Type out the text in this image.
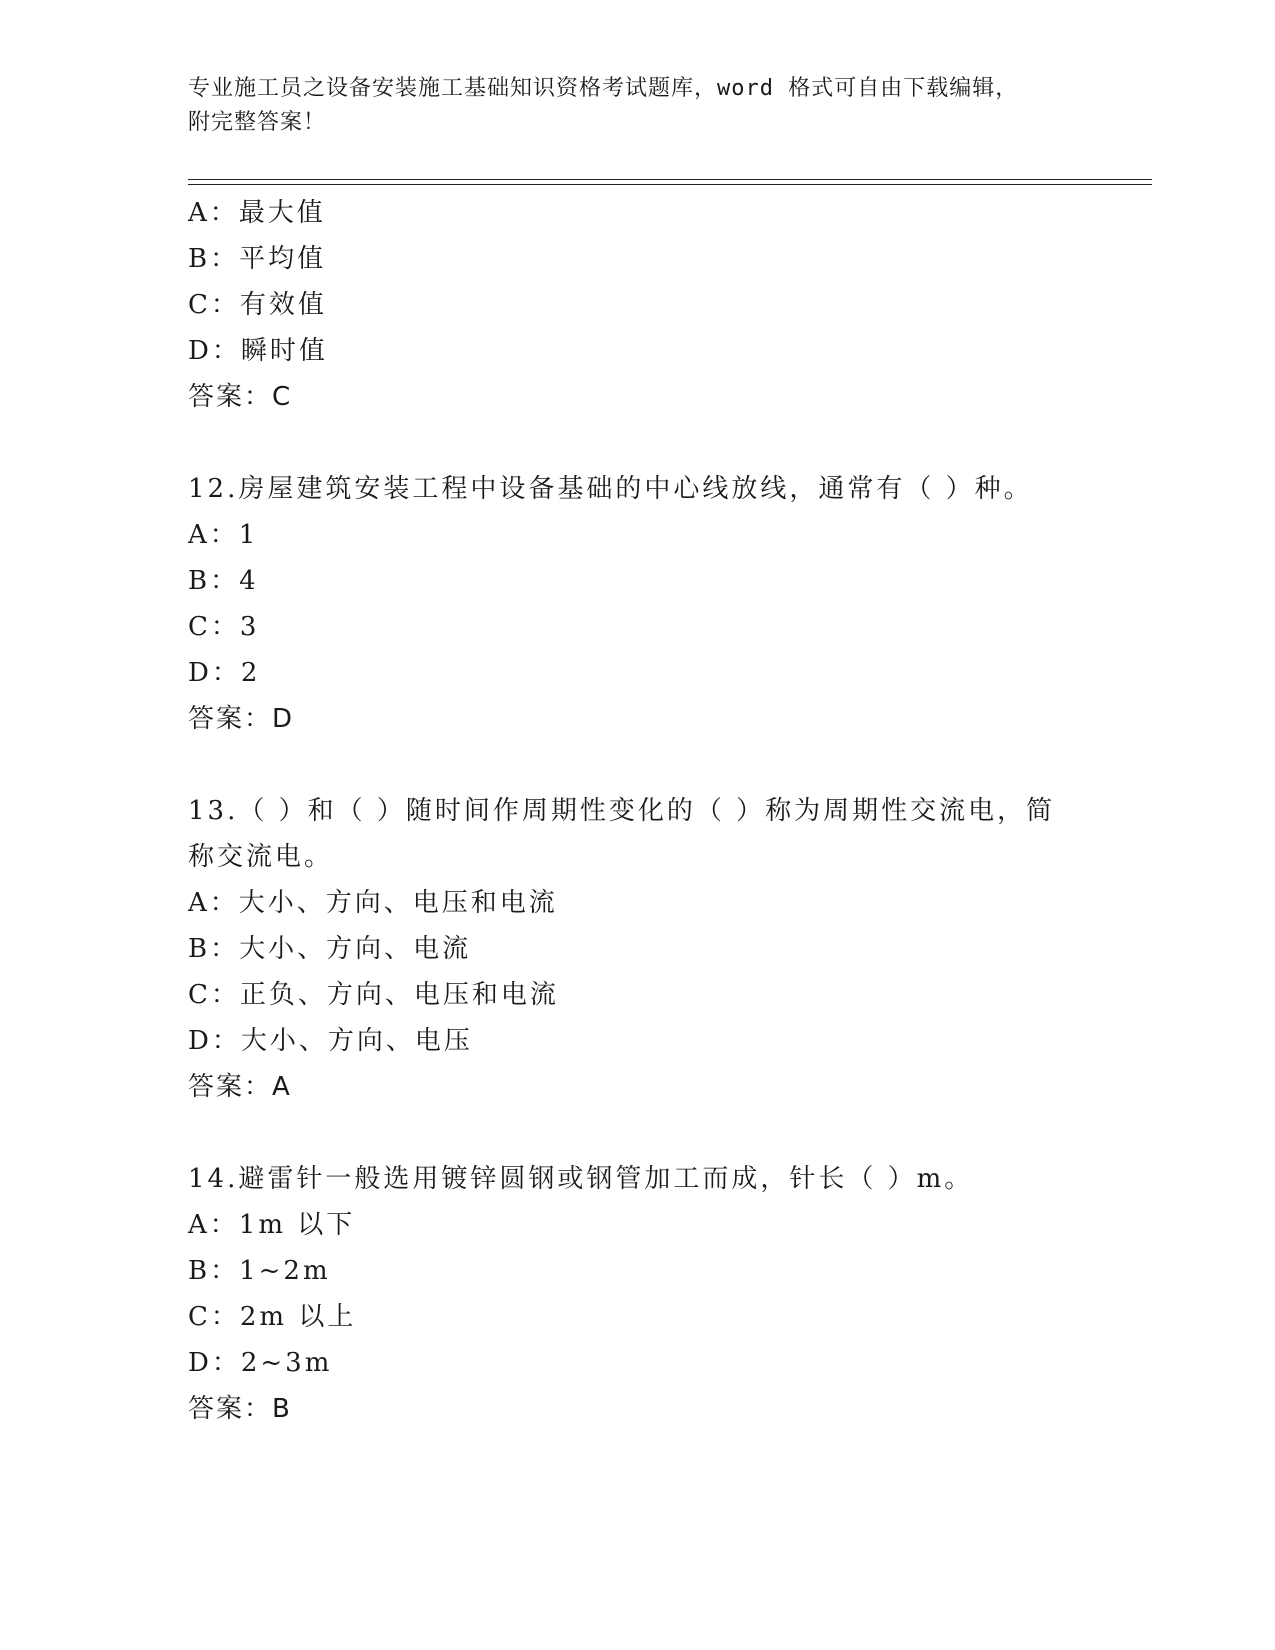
专业施工员之设备安装施工基础知识资格考试题库，word 格式可自由下载编辑，
附完整答案！
A：最大值
B：平均值
C：有效值
D：瞬时值
答案：C
12.房屋建筑安装工程中设备基础的中心线放线，通常有（ ）种。
A：1
B：4
C：3
D：2
答案：D
13.（ ）和（ ）随时间作周期性变化的（ ）称为周期性交流电，简
称交流电。
A：大小、方向、电压和电流
B：大小、方向、电流
C：正负、方向、电压和电流
D：大小、方向、电压
答案：A
14.避雷针一般选用镀锌圆钢或钢管加工而成，针长（ ）m。
A：1m 以下
B：1~2m
C：2m 以上
D：2~3m
答案：B
